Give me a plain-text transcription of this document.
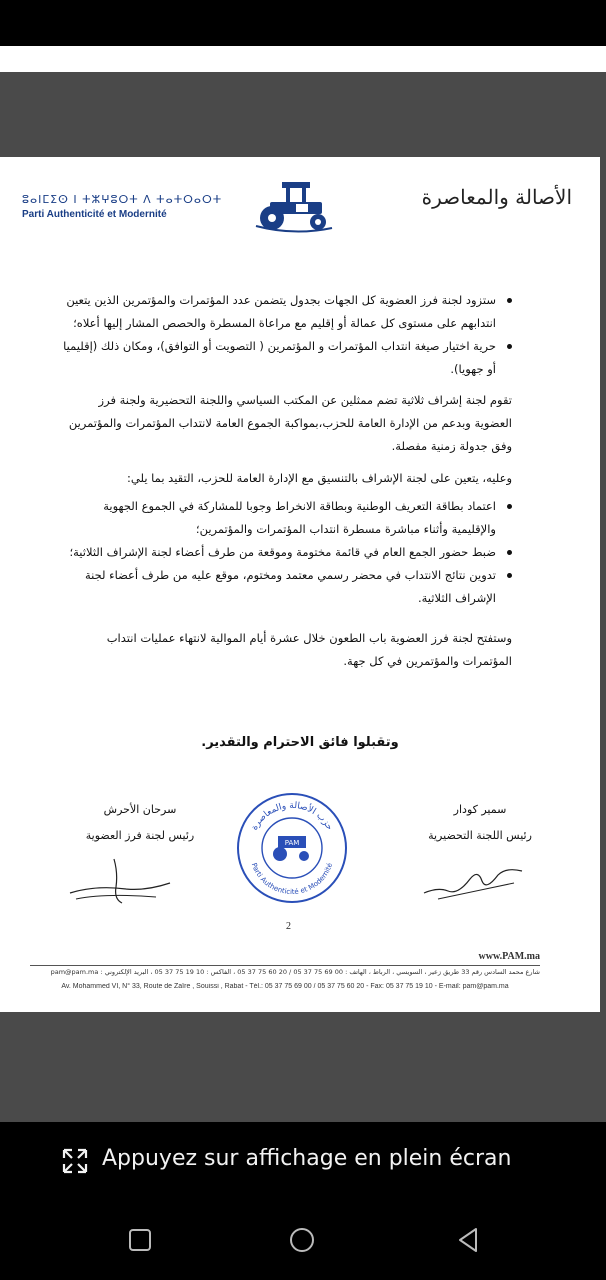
ⵓⴰⵏⵎⵉⵙ ⵏ ⵜⵣⵖⵓⵔⵜ ⴷ ⵜⴰⵜⵔⴰⵔⵜ
Parti Authenticité et Modernité
الأصالة والمعاصرة
ستزود لجنة فرز العضوية كل الجهات بجدول يتضمن عدد المؤتمرات والمؤتمرين الذين يتعين انتدابهم على مستوى كل عمالة أو إقليم مع مراعاة المسطرة والحصص المشار إليها أعلاه؛
حرية اختيار صيغة انتداب المؤتمرات و المؤتمرين ( التصويت أو التوافق)، ومكان ذلك (إقليميا أو جهويا).
تقوم لجنة إشراف ثلاثية تضم ممثلين عن المكتب السياسي واللجنة التحضيرية ولجنة فرز العضوية وبدعم من الإدارة العامة للحزب،بمواكبة الجموع العامة لانتداب المؤتمرات والمؤتمرين وفق جدولة زمنية مفصلة.
وعليه، يتعين على لجنة الإشراف بالتنسيق مع الإدارة العامة للحزب، التقيد بما يلي:
اعتماد بطاقة التعريف الوطنية وبطاقة الانخراط وجوبا للمشاركة في الجموع الجهوية والإقليمية وأثناء مباشرة مسطرة انتداب المؤتمرات والمؤتمرين؛
ضبط حضور الجمع العام في قائمة مختومة وموقعة من طرف أعضاء لجنة الإشراف الثلاثية؛
تدوين نتائج الانتداب في محضر رسمي معتمد ومختوم، موقع عليه من طرف أعضاء لجنة الإشراف الثلاثية.
وستفتح لجنة فرز العضوية باب الطعون خلال عشرة أيام الموالية لانتهاء عمليات انتداب المؤتمرات والمؤتمرين في كل جهة.
وتقبلوا فائق الاحترام والتقدير.
سمير كودار
رئيس اللجنة التحضيرية
سرحان الأحرش
رئيس لجنة فرز العضوية
حزب الأصالة والمعاصرة
Parti Authenticité et Modernité
PAM
2
www.PAM.ma
شارع محمد السادس رقم 33 طريق زعير ، السويسي ، الرباط ، الهاتف : 00 69 75 37 05 / 20 60 75 37 05 ، الفاكس : 10 19 75 37 05 ، البريد الإلكتروني : pam@pam.ma
Av. Mohammed VI, N° 33, Route de Zaïre , Souissi , Rabat - Tél.: 05 37 75 69 00 / 05 37 75 60 20 - Fax: 05 37 75 19 10 - E-mail: pam@pam.ma
Appuyez sur affichage en plein écran
